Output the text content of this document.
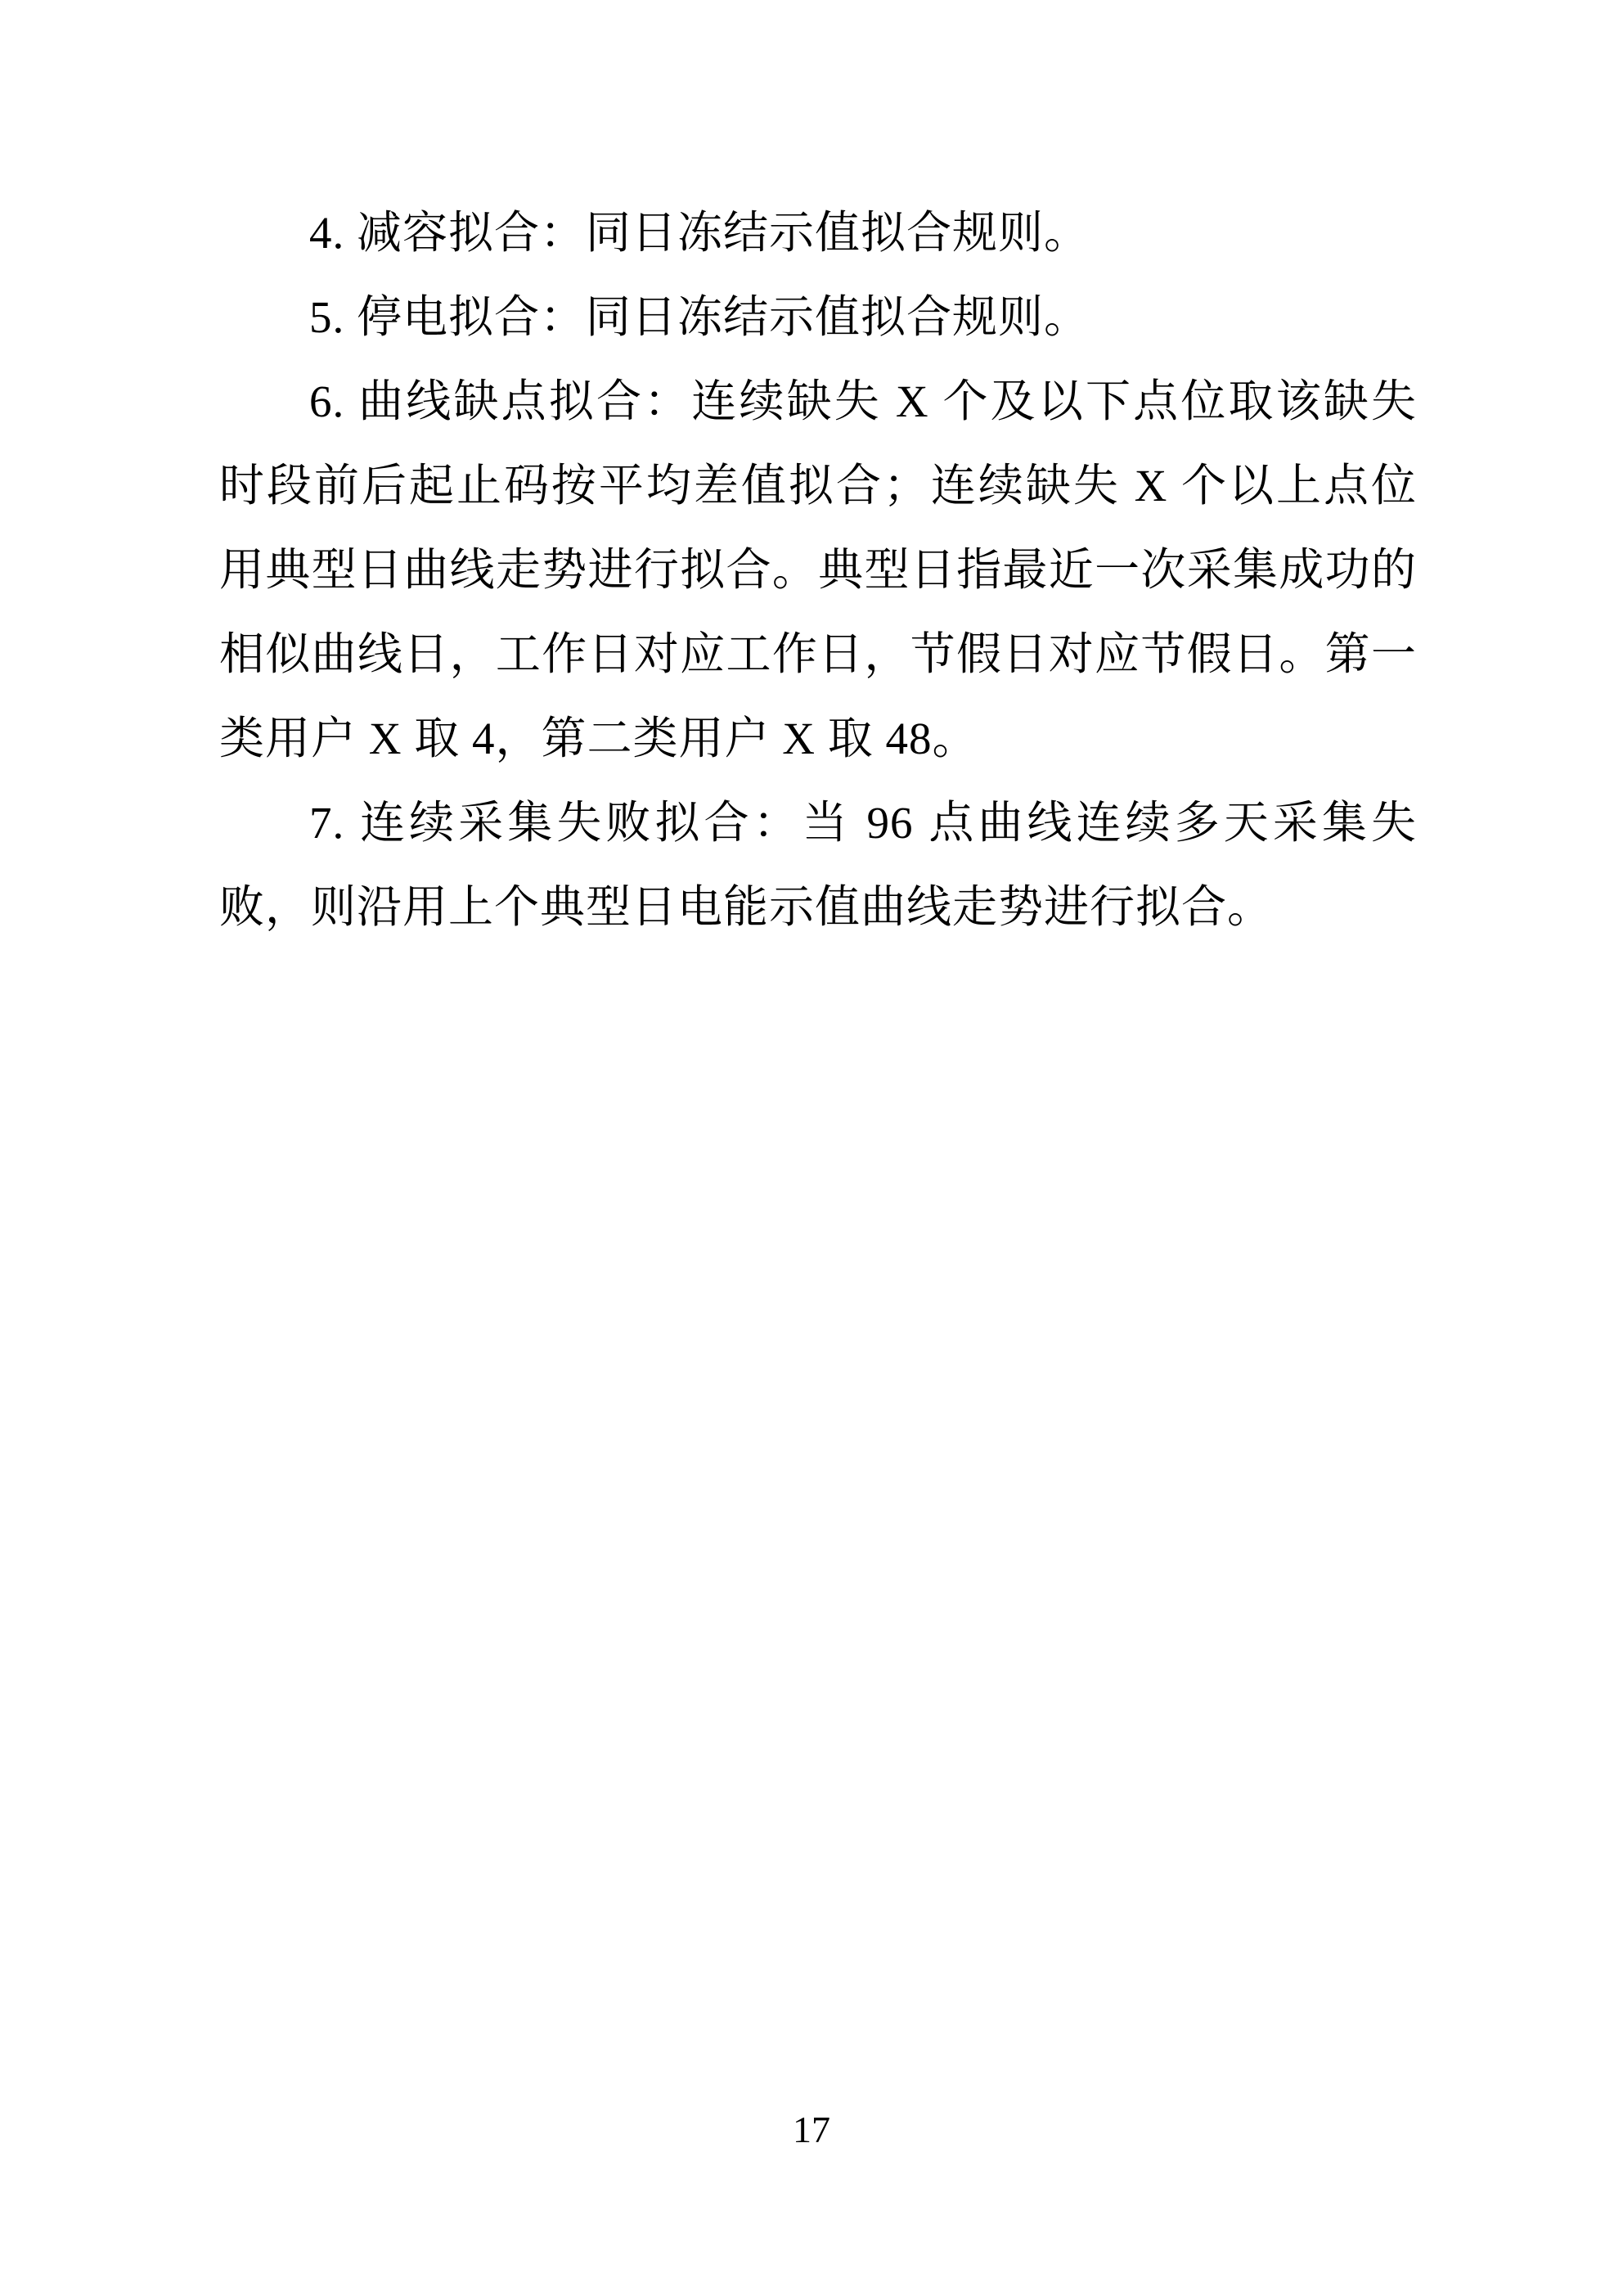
4. 减容拟合：同日冻结示值拟合规则。

5. 停电拟合：同日冻结示值拟合规则。

6. 曲线缺点拟合：连续缺失 X 个及以下点位取该缺失时段前后起止码按平均差值拟合；连续缺失 X 个以上点位用典型日曲线走势进行拟合。典型日指最近一次采集成功的相似曲线日，工作日对应工作日，节假日对应节假日。第一类用户 X 取 4，第二类用户 X 取 48。

7. 连续采集失败拟合：当 96 点曲线连续多天采集失败，则沿用上个典型日电能示值曲线走势进行拟合。

17
